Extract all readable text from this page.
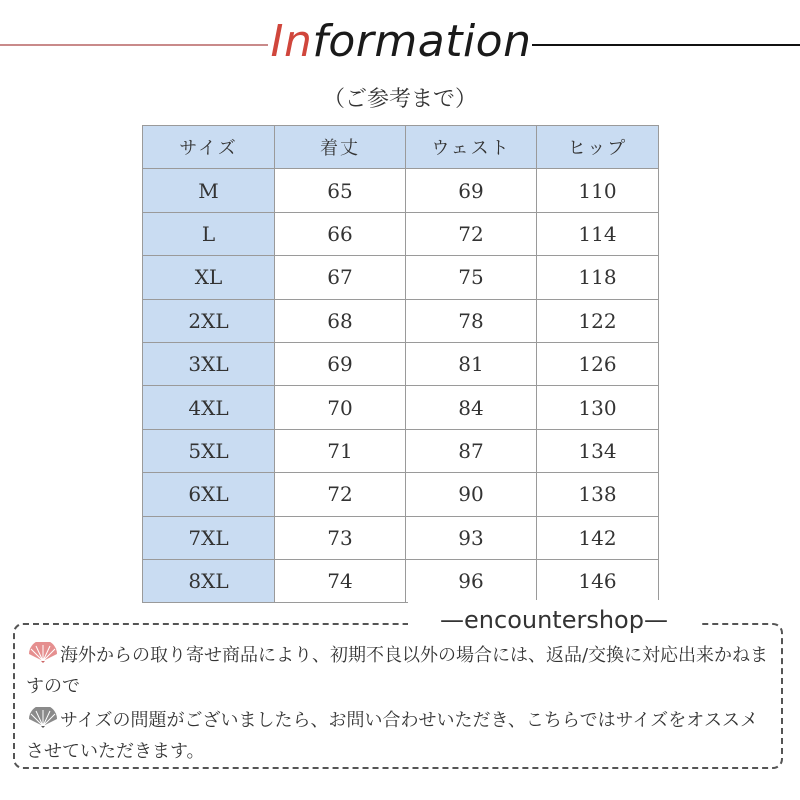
Information
（ご参考まで）
サイズ	着丈	ウェスト	ヒップ
M	65	69	110
L	66	72	114
XL	67	75	118
2XL	68	78	122
3XL	69	81	126
4XL	70	84	130
5XL	71	87	134
6XL	72	90	138
7XL	73	93	142
8XL	74	96	146
—encountershop—
海外からの取り寄せ商品により、初期不良以外の場合には、返品/交換に対応出来かねますので
サイズの問題がございましたら、お問い合わせいただき、こちらではサイズをオススメさせていただきます。
